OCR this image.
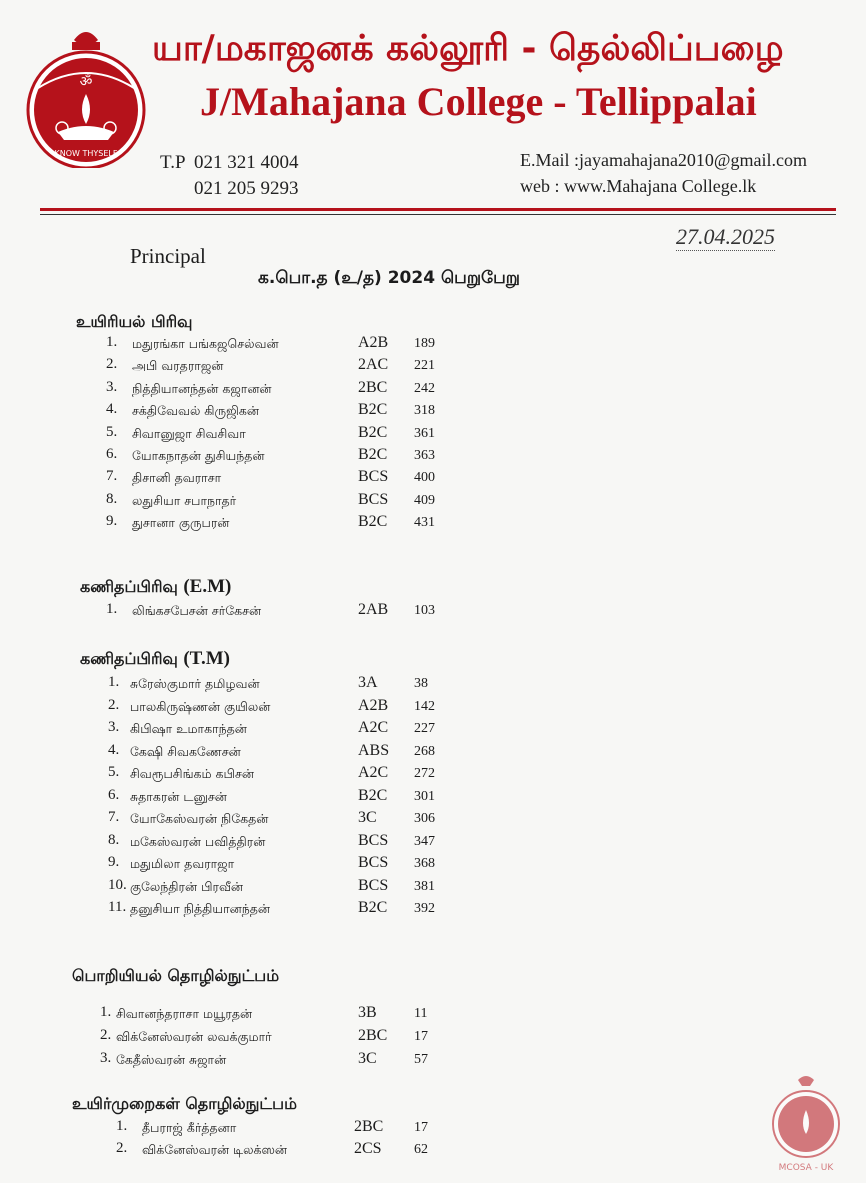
ॐ
KNOW THYSELF
யா/மகாஜனக் கல்லூரி - தெல்லிப்பழை
J/Mahajana College - Tellippalai
T.P 021 321 4004
021 205 9293
E.Mail :jayamahajana2010@gmail.com
web : www.Mahajana College.lk
27.04.2025
Principal
க.பொ.த (உ/த) 2024 பெறுபேறு
உயிரியல் பிரிவு
1. மதுரங்கா பங்கஜசெல்வன்	A2B 189
2. அபி வரதராஜன்	2AC 221
3. நித்தியானந்தன் கஜானன்	2BC 242
4. சக்திவேவல் கிருஜிகன்	B2C 318
5. சிவானுஜா சிவசிவா	B2C 361
6. யோகநாதன் துசியந்தன்	B2C 363
7. திசானி தவராசா	BCS 400
8. லதுசியா சபாநாதர்	BCS 409
9. துசானா குருபரன்	B2C 431
கணிதப்பிரிவு (E.M)
1. லிங்கசபேசன் சர்கேசன்	2AB 103
கணிதப்பிரிவு (T.M)
1. சுரேஸ்குமார் தமிழவன்	3A	38
2. பாலகிருஷ்ணன் குயிலன்	A2B 142
3. கிபிஷா உமாகாந்தன்	A2C 227
4. கேஷி சிவகணேசன்	ABS 268
5. சிவரூபசிங்கம் கபிசன்	A2C 272
6. சுதாகரன் டனுசன்	B2C 301
7. யோகேஸ்வரன் நிகேதன்	3C	306
8. மகேஸ்வரன் பவித்திரன்	BCS 347
9. மதுமிலா தவராஜா	BCS 368
10. குலேந்திரன் பிரவீன்	BCS 381
11. தனுசியா நித்தியானந்தன்	B2C 392
பொறியியல் தொழில்நுட்பம்
1. சிவானந்தராசா மயூரதன்	3B	11
2. விக்னேஸ்வரன் லவக்குமார்	2BC 17
3. கேதீஸ்வரன் சுஜான்	3C	57
உயிர்முறைகள் தொழில்நுட்பம்
1. தீபராஜ் கீர்த்தனா	2BC 17
2. விக்னேஸ்வரன் டிலக்ஸன்	2CS 62
MCOSA - UK
